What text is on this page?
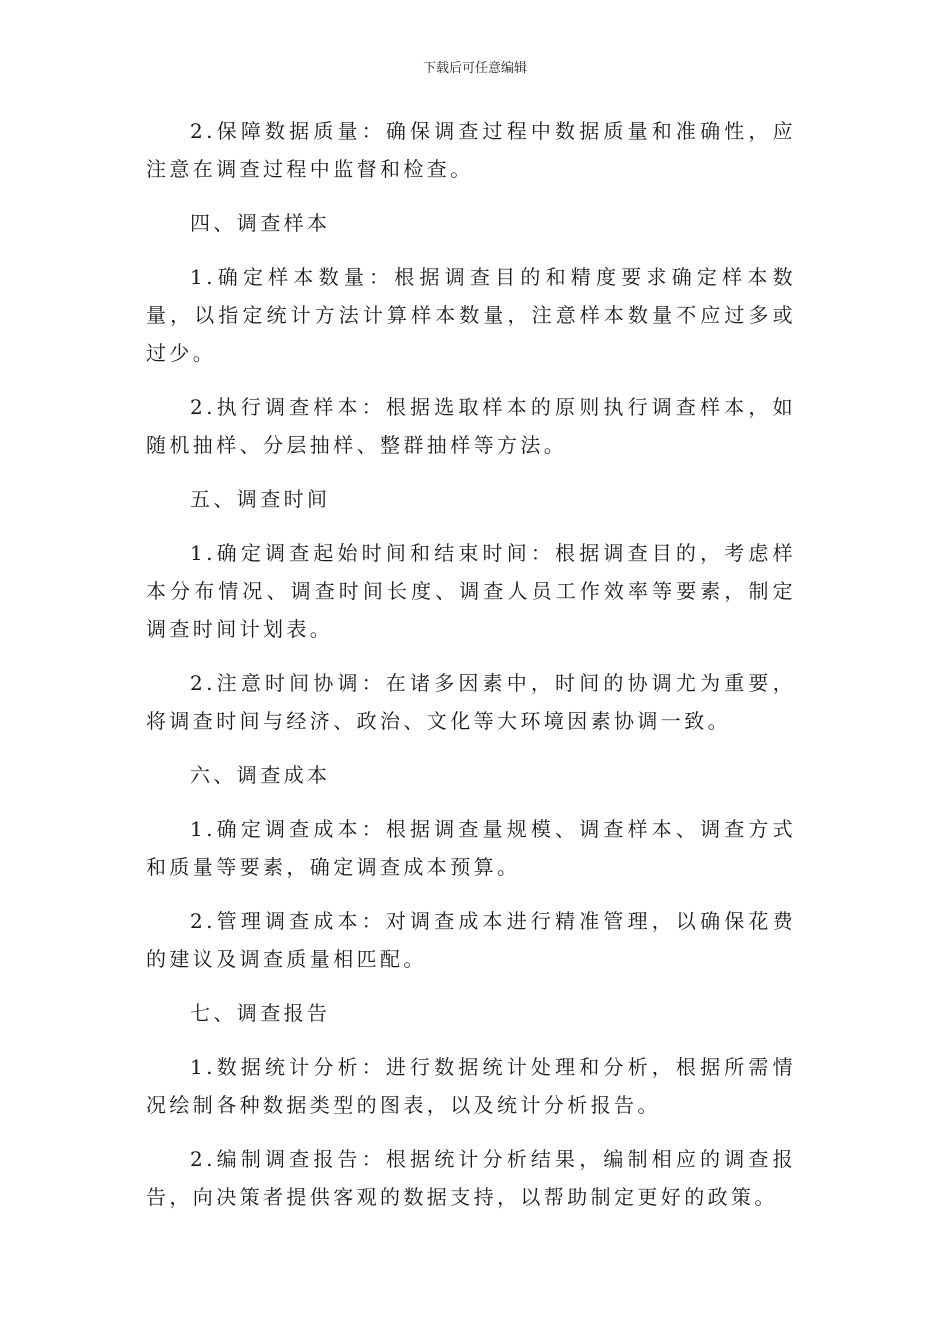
下载后可任意编辑

2.保障数据质量：确保调查过程中数据质量和准确性，应注意在调查过程中监督和检查。

四、调查样本

1.确定样本数量：根据调查目的和精度要求确定样本数量，以指定统计方法计算样本数量，注意样本数量不应过多或过少。

2.执行调查样本：根据选取样本的原则执行调查样本，如随机抽样、分层抽样、整群抽样等方法。

五、调查时间

1.确定调查起始时间和结束时间：根据调查目的，考虑样本分布情况、调查时间长度、调查人员工作效率等要素，制定调查时间计划表。

2.注意时间协调：在诸多因素中，时间的协调尤为重要，将调查时间与经济、政治、文化等大环境因素协调一致。

六、调查成本

1.确定调查成本：根据调查量规模、调查样本、调查方式和质量等要素，确定调查成本预算。

2.管理调查成本：对调查成本进行精准管理，以确保花费的建议及调查质量相匹配。

七、调查报告

1.数据统计分析：进行数据统计处理和分析，根据所需情况绘制各种数据类型的图表，以及统计分析报告。

2.编制调查报告：根据统计分析结果，编制相应的调查报告，向决策者提供客观的数据支持，以帮助制定更好的政策。
